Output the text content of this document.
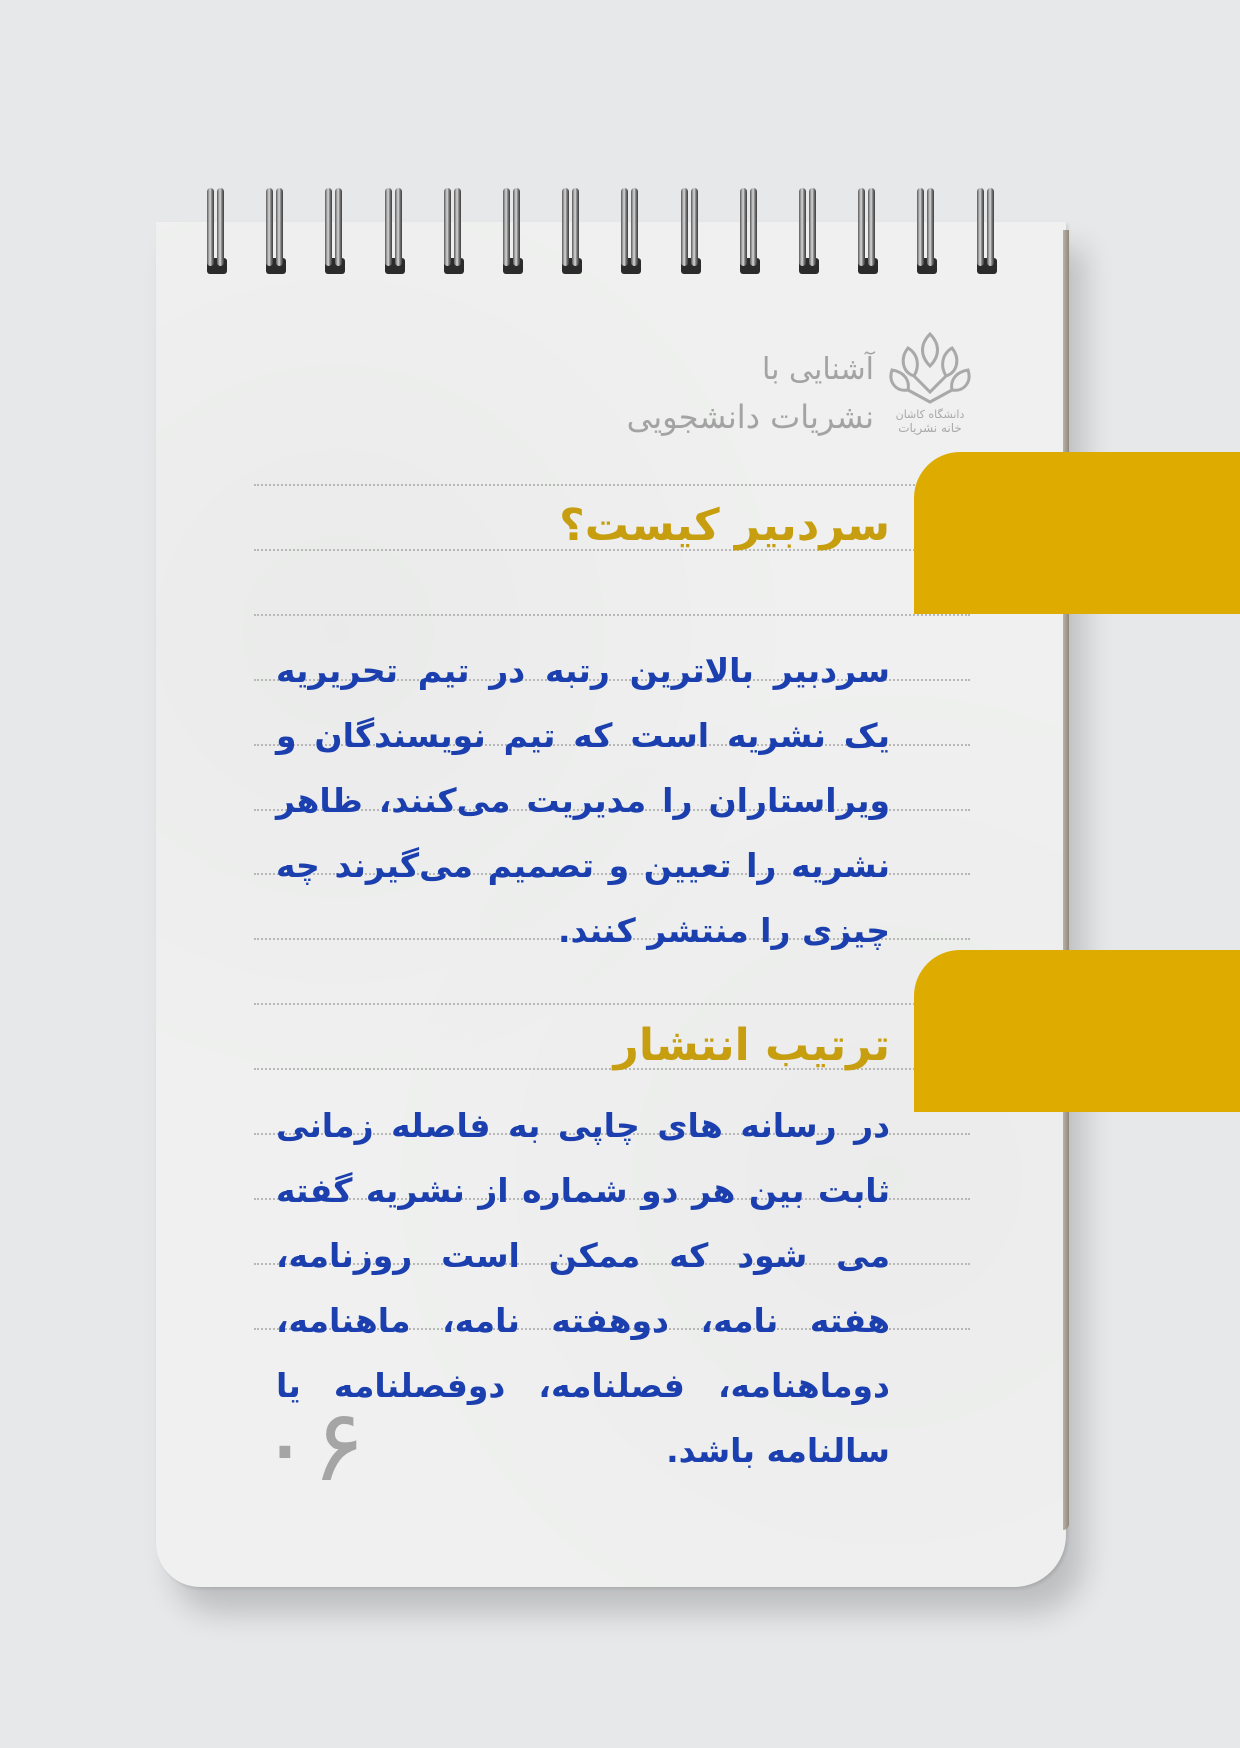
دانشگاه کاشان
خانه نشریات
آشنایی با
نشریات دانشجویی
سردبیر کیست؟
سردبیر بالاترین رتبه در تیم تحریریه یک نشریه است که تیم نویسندگان و ویراستاران را مدیریت می‌کنند، ظاهر نشریه را تعیین و تصمیم می‌گیرند چه چیزی را منتشر کنند.
ترتیب انتشار
در رسانه های چاپی به فاصله زمانی ثابت بین هر دو شماره از نشریه گفته می شود که ممکن است روزنامه، هفته نامه، دوهفته نامه، ماهنامه، دوماهنامه، فصلنامه، دوفصلنامه یا سالنامه باشد.
۰۶
